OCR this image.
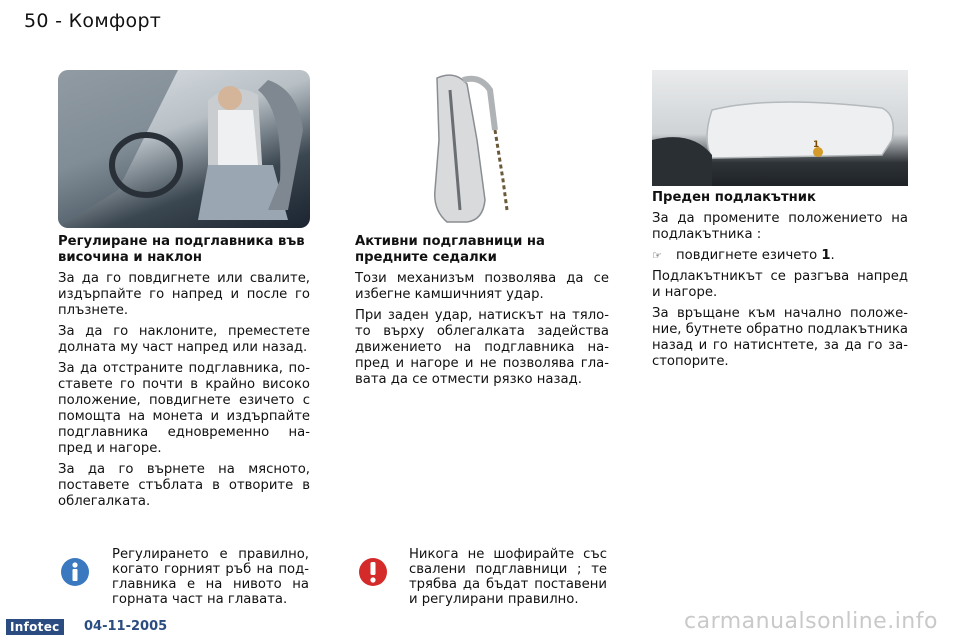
50 - Комфорт
1
Регулиране на подглавника във височина и наклон

За да го повдигнете или свалите, издърпайте го напред и после го плъзнете.

За да го наклоните, преместете долната му част напред или назад.

За да отстраните подглавника, по-ставете го почти в крайно високо положение, повдигнете езичето с помощта на монета и издърпайте подглавника едновременно на-пред и нагоре.

За да го върнете на мясното, поставете стъблата в отворите в облегалката.

Активни подглавници на предните седалки

Този механизъм позволява да се избегне камшичният удар.

При заден удар, натискът на тяло-то върху облегалката задейства движението на подглавника на-пред и нагоре и не позволява гла-вата да се отмести рязко назад.

Преден подлакътник

За да промените положението на подлакътника :

☞ повдигнете езичето 1.

Подлакътникът се разгъва напред и нагоре.

За връщане към начално положе-ние, бутнете обратно подлакътника назад и го натиснтете, за да го за-стопорите.

Регулирането е правилно, когато горният ръб на под-главника е на нивото на горната част на главата.
Никога не шофирайте със свалени подглавници ; те трябва да бъдат поставени и регулирани правилно.
Infotec	04-11-2005	carmanualsonline.info
